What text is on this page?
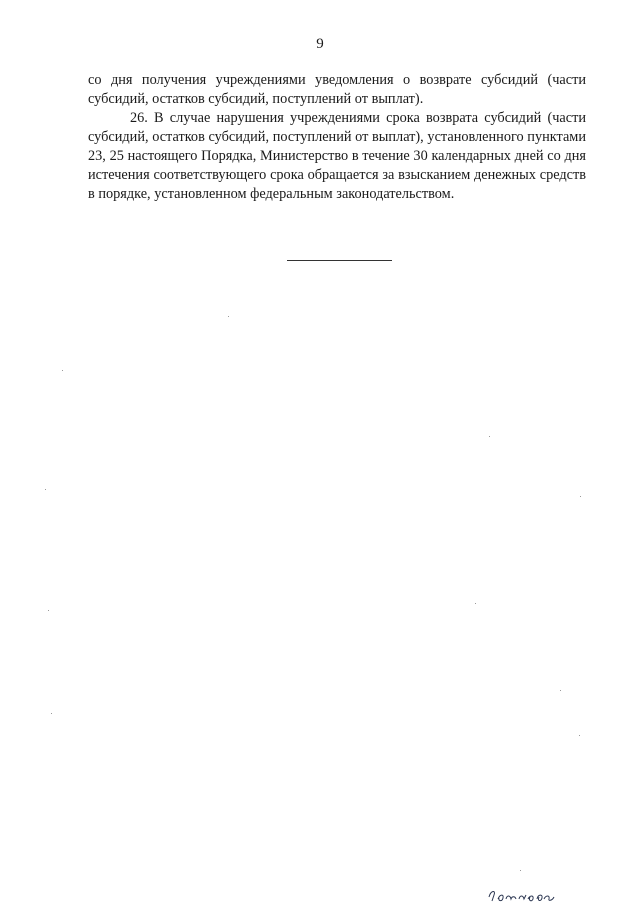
9

со дня получения учреждениями уведомления о возврате субсидий (части субсидий, остатков субсидий, поступлений от выплат).

26. В случае нарушения учреждениями срока возврата субсидий (части субсидий, остатков субсидий, поступлений от выплат), установленного пунктами 23, 25 настоящего Порядка, Министерство в течение 30 календарных дней со дня истечения соответствующего срока обращается за взысканием денежных средств в порядке, установленном федеральным законодательством.
